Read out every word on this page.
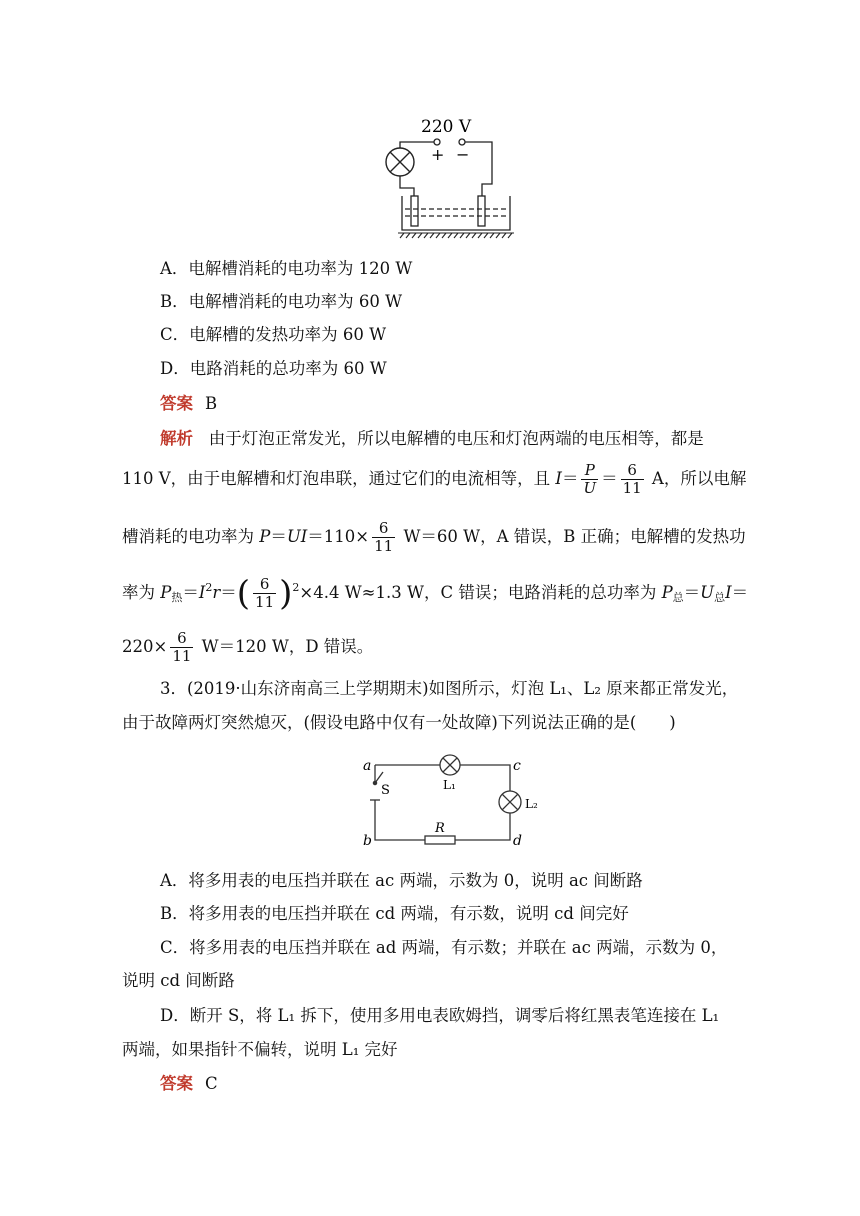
220 V
+ −
A．电解槽消耗的电功率为 120 W
B．电解槽消耗的电功率为 60 W
C．电解槽的发热功率为 60 W
D．电路消耗的总功率为 60 W
答案 B
解析 由于灯泡正常发光，所以电解槽的电压和灯泡两端的电压相等，都是
110 V，由于电解槽和灯泡串联，通过它们的电流相等，且 $I= \frac{P}{U} = \frac{6}{11}$ A，所以电解
槽消耗的电功率为 $P=UI=110\times \frac{6}{11} W=60$ W，A 错误，B 正确；电解槽的发热功
率为 $P_热=I^2r=( \frac{6}{11} )^2\times 4.4$ W≈1.3 W，C 错误；电路消耗的总功率为 $P_总=U_总I=$
$220\times \frac{6}{11} W=120$ W，D 错误。
3．(2019·山东济南高三上学期期末)如图所示，灯泡 L₁、L₂ 原来都正常发光，
由于故障两灯突然熄灭，(假设电路中仅有一处故障)下列说法正确的是(　　)
a
b
c
d
S
R
L₁
L₂
A．将多用表的电压挡并联在 ac 两端，示数为 0，说明 ac 间断路
B．将多用表的电压挡并联在 cd 两端，有示数，说明 cd 间完好
C．将多用表的电压挡并联在 ad 两端，有示数；并联在 ac 两端，示数为 0，
说明 cd 间断路
D．断开 S，将 L₁ 拆下，使用多用电表欧姆挡，调零后将红黑表笔连接在 L₁
两端，如果指针不偏转，说明 L₁ 完好
答案 C
